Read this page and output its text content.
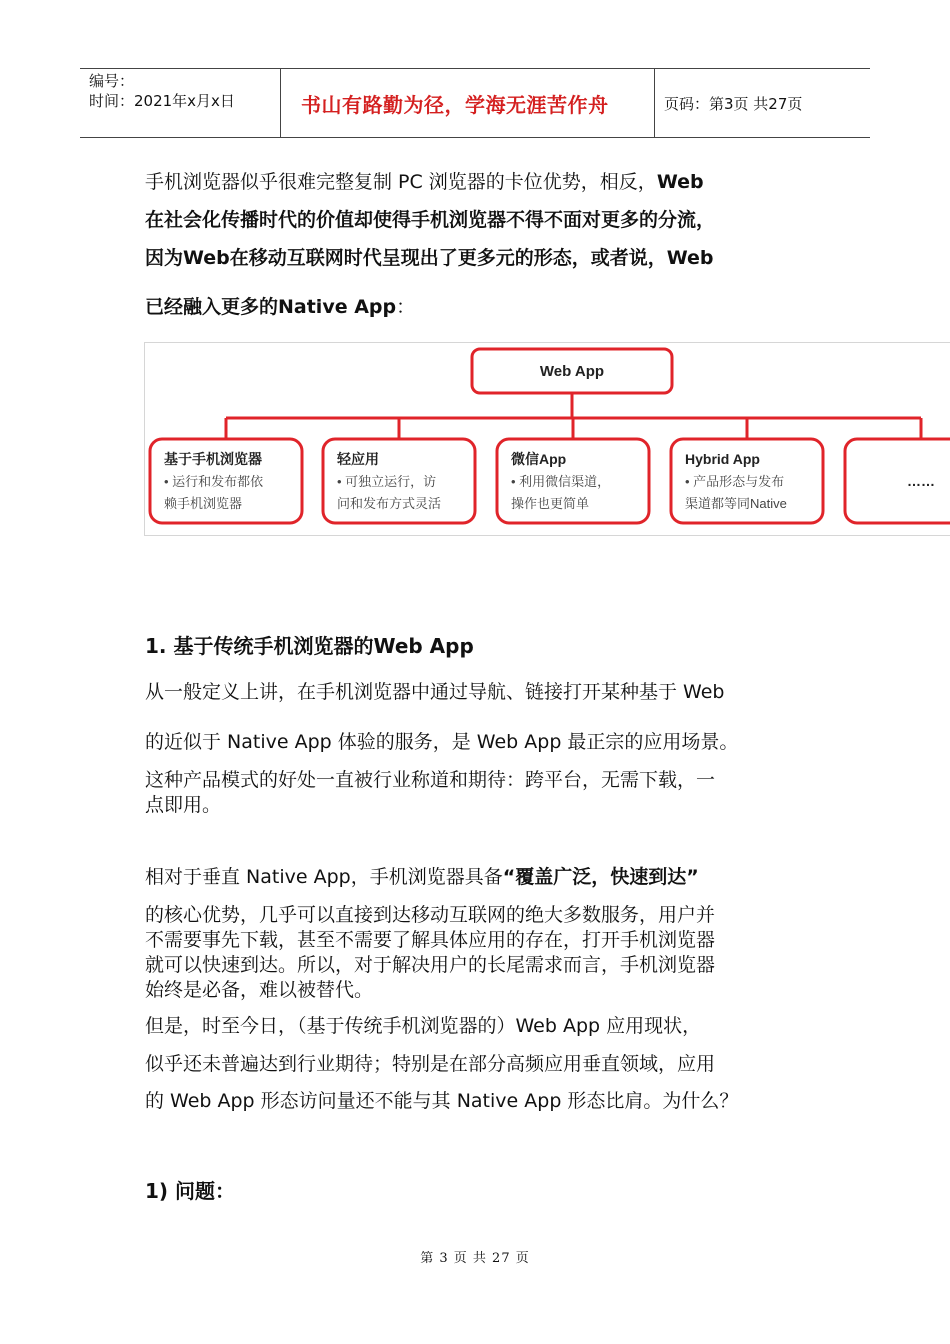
编号：
时间：2021年x月x日	书山有路勤为径，学海无涯苦作舟	页码：第3页 共27页

手机浏览器似乎很难完整复制 PC 浏览器的卡位优势，相反，Web

在社会化传播时代的价值却使得手机浏览器不得不面对更多的分流，

因为Web在移动互联网时代呈现出了更多元的形态，或者说，Web

已经融入更多的Native App：

Web App
基于手机浏览器
• 运行和发布都依
赖手机浏览器
轻应用
• 可独立运行，访
问和发布方式灵活
微信App
• 利用微信渠道，
操作也更简单
Hybrid App
• 产品形态与发布
渠道都等同Native
……
1. 基于传统手机浏览器的Web App

从一般定义上讲，在手机浏览器中通过导航、链接打开某种基于 Web

的近似于 Native App 体验的服务，是 Web App 最正宗的应用场景。

这种产品模式的好处一直被行业称道和期待：跨平台，无需下载，一

点即用。

相对于垂直 Native App，手机浏览器具备“覆盖广泛，快速到达”

的核心优势，几乎可以直接到达移动互联网的绝大多数服务，用户并

不需要事先下载，甚至不需要了解具体应用的存在，打开手机浏览器

就可以快速到达。所以，对于解决用户的长尾需求而言，手机浏览器

始终是必备，难以被替代。

但是，时至今日，（基于传统手机浏览器的）Web App 应用现状，

似乎还未普遍达到行业期待；特别是在部分高频应用垂直领域，应用

的 Web App 形态访问量还不能与其 Native App 形态比肩。为什么？

1) 问题：
第 3 页 共 27 页
